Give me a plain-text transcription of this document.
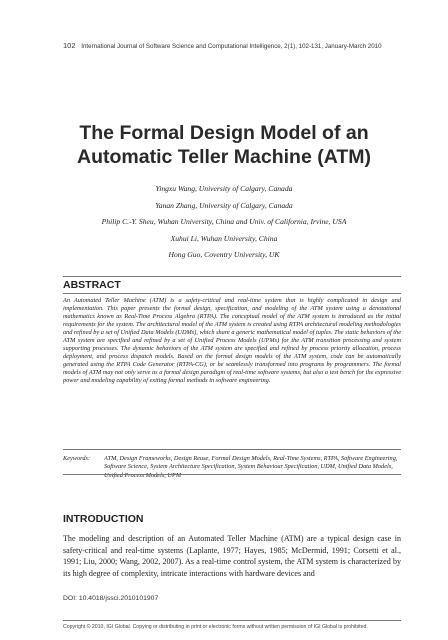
102 International Journal of Software Science and Computational Intelligence, 2(1), 102-131, January-March 2010
The Formal Design Model of an Automatic Teller Machine (ATM)
Yingxu Wang, University of Calgary, Canada
Yanan Zhang, University of Calgary, Canada
Philip C.-Y. Sheu, Wuhan University, China and Univ. of California, Irvine, USA
Xuhui Li, Wuhan University, China
Hong Guo, Coventry University, UK
ABSTRACT

An Automated Teller Machine (ATM) is a safety-critical and real-time system that is highly complicated in design and implementation. This paper presents the formal design, specification, and modeling of the ATM system using a denotational mathematics known as Real-Time Process Algebra (RTPA). The conceptual model of the ATM system is introduced as the initial requirements for the system. The architectural model of the ATM system is created using RTPA architectural modeling methodologies and refined by a set of Unified Data Models (UDMs), which share a generic mathematical model of tuples. The static behaviors of the ATM system are specified and refined by a set of Unified Process Models (UPMs) for the ATM transition processing and system supporting processes. The dynamic behaviors of the ATM system are specified and refined by process priority allocation, process deployment, and process dispatch models. Based on the formal design models of the ATM system, code can be automatically generated using the RTPA Code Generator (RTPA-CG), or be seamlessly transformed into programs by programmers. The formal models of ATM may not only serve as a formal design paradigm of real-time software systems, but also a test bench for the expressive power and modeling capability of exiting formal methods in software engineering.

Keywords: ATM, Design Frameworks, Design Reuse, Formal Design Models, Real-Time Systems, RTPA, Software Engineering, Software Science, System Architecture Specification, System Behaviour Specification, UDM, Unified Data Models, Unified Process Models, UPM

INTRODUCTION

The modeling and description of an Automated Teller Machine (ATM) are a typical design case in safety-critical and real-time systems (Laplante, 1977; Hayes, 1985; McDermid, 1991; Corsetti et al., 1991; Liu, 2000; Wang, 2002, 2007). As a real-time control system, the ATM system is characterized by its high degree of complexity, intricate interactions with hardware devices and

DOI: 10.4018/jssci.2010101907

Copyright © 2010, IGI Global. Copying or distributing in print or electronic forms without written permission of IGI Global is prohibited.
